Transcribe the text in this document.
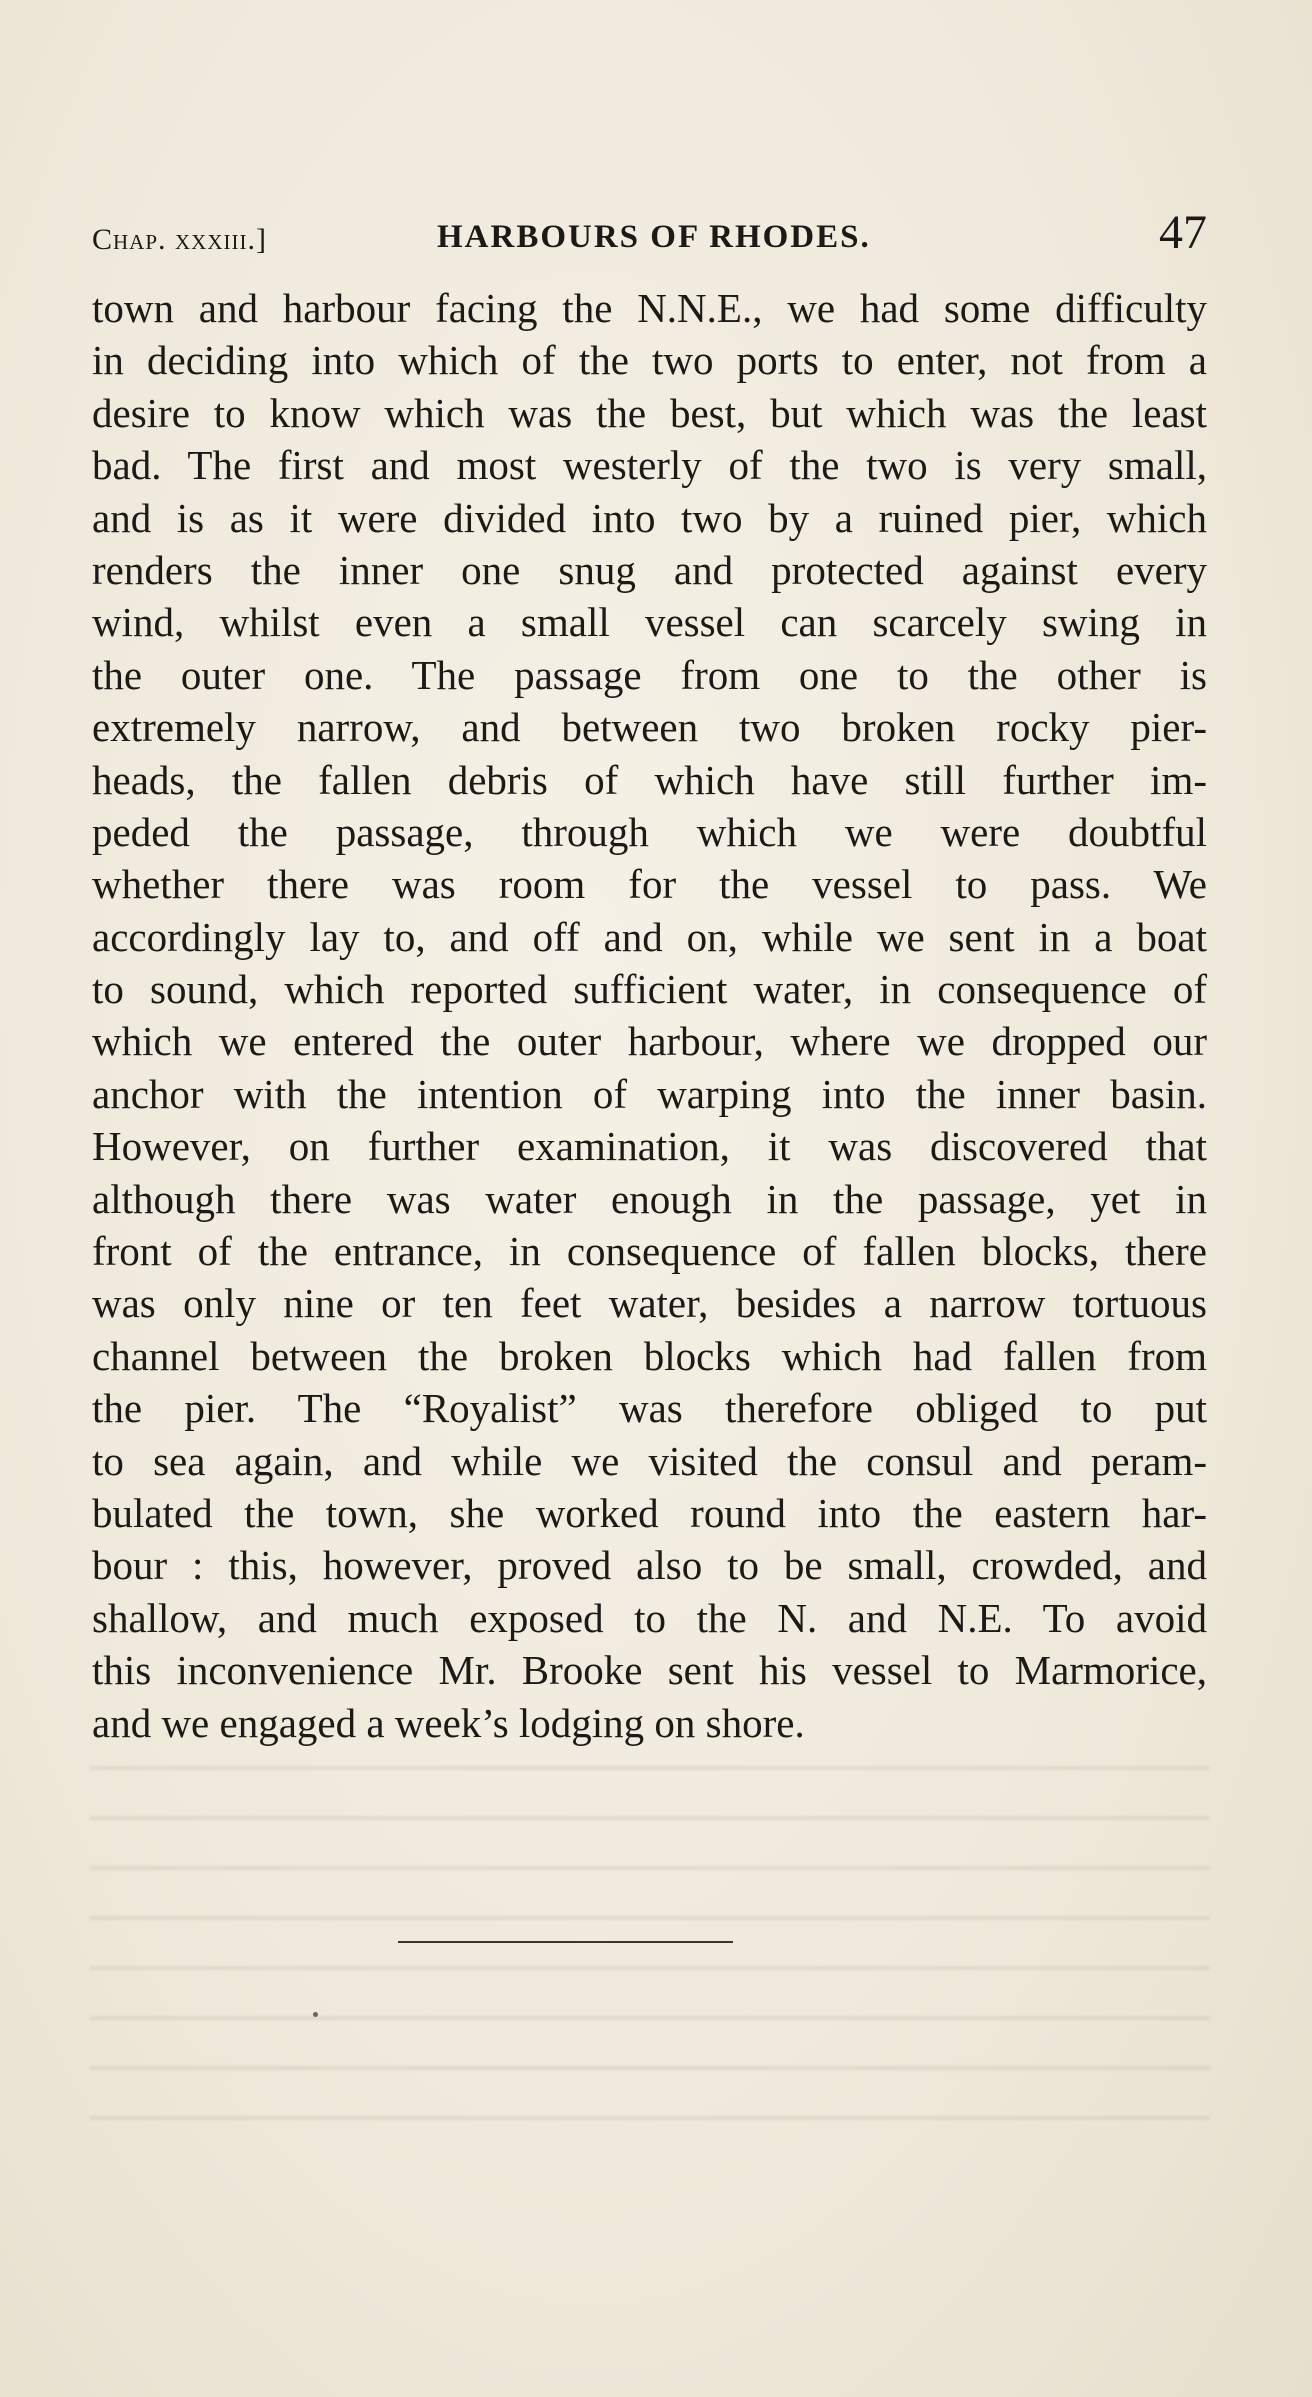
Chap. xxxiii.]	HARBOURS OF RHODES.	47
town and harbour facing the N.N.E., we had some difficulty
in deciding into which of the two ports to enter, not from a
desire to know which was the best, but which was the least
bad. The first and most westerly of the two is very small,
and is as it were divided into two by a ruined pier, which
renders the inner one snug and protected against every
wind, whilst even a small vessel can scarcely swing in
the outer one. The passage from one to the other is
extremely narrow, and between two broken rocky pier-
heads, the fallen debris of which have still further im-
peded the passage, through which we were doubtful
whether there was room for the vessel to pass. We
accordingly lay to, and off and on, while we sent in a boat
to sound, which reported sufficient water, in consequence of
which we entered the outer harbour, where we dropped our
anchor with the intention of warping into the inner basin.
However, on further examination, it was discovered that
although there was water enough in the passage, yet in
front of the entrance, in consequence of fallen blocks, there
was only nine or ten feet water, besides a narrow tortuous
channel between the broken blocks which had fallen from
the pier. The “Royalist” was therefore obliged to put
to sea again, and while we visited the consul and peram-
bulated the town, she worked round into the eastern har-
bour : this, however, proved also to be small, crowded, and
shallow, and much exposed to the N. and N.E. To avoid
this inconvenience Mr. Brooke sent his vessel to Marmorice,
and we engaged a week’s lodging on shore.
